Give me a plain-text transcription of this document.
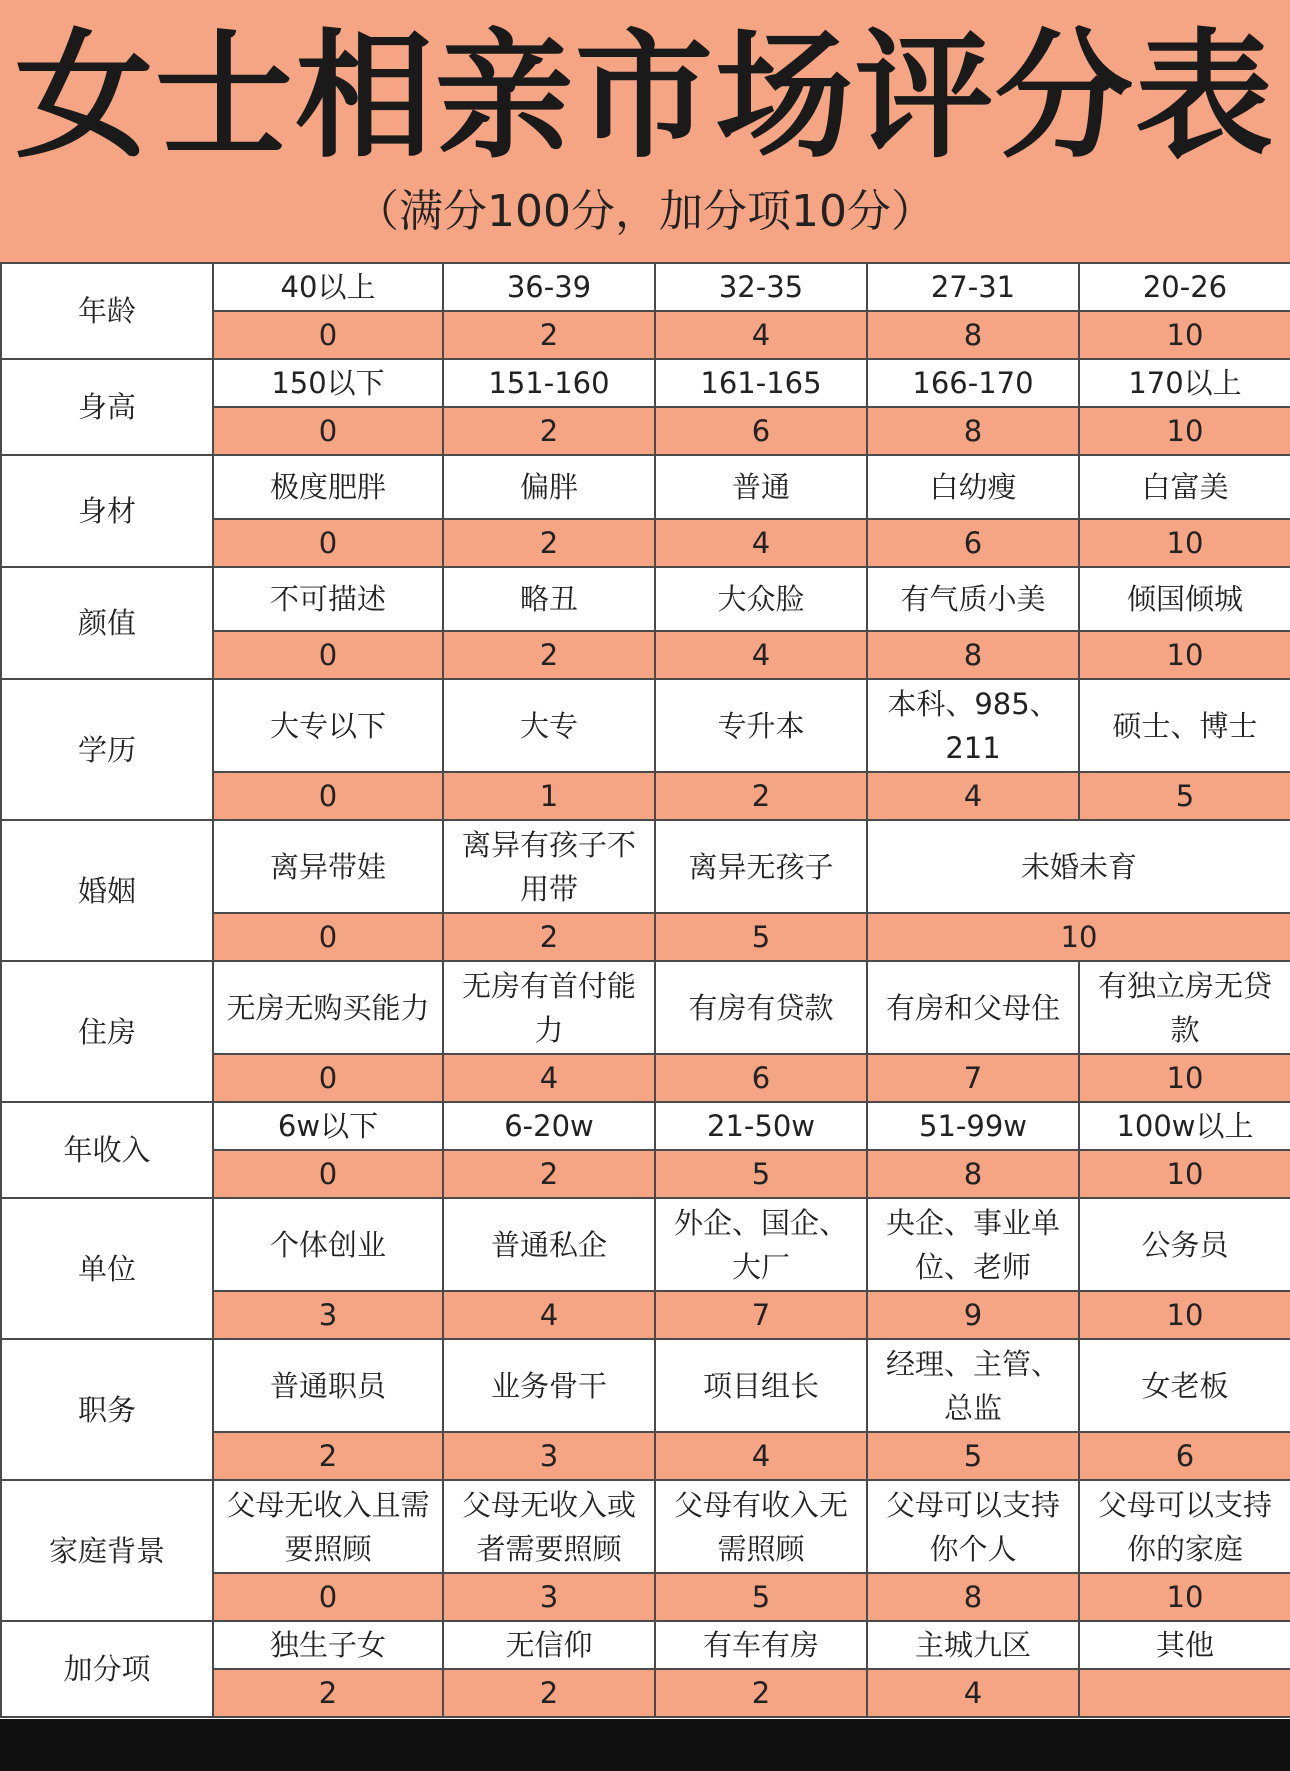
女士相亲市场评分表
（满分100分，加分项10分）
年龄	40以上	36-39	32-35	27-31	20-26
	0	2	4	8	10
身高	150以下	151-160	161-165	166-170	170以上
	0	2	6	8	10
身材	极度肥胖	偏胖	普通	白幼瘦	白富美
	0	2	4	6	10
颜值	不可描述	略丑	大众脸	有气质小美	倾国倾城
	0	2	4	8	10
学历	大专以下	大专	专升本	本科、985、211	硕士、博士
	0	1	2	4	5
婚姻	离异带娃	离异有孩子不用带	离异无孩子	未婚未育	
	0	2	5	10	
住房	无房无购买能力	无房有首付能力	有房有贷款	有房和父母住	有独立房无贷款
	0	4	6	7	10
年收入	6w以下	6-20w	21-50w	51-99w	100w以上
	0	2	5	8	10
单位	个体创业	普通私企	外企、国企、大厂	央企、事业单位、老师	公务员
	3	4	7	9	10
职务	普通职员	业务骨干	项目组长	经理、主管、总监	女老板
	2	3	4	5	6
家庭背景	父母无收入且需要照顾	父母无收入或者需要照顾	父母有收入无需照顾	父母可以支持你个人	父母可以支持你的家庭
	0	3	5	8	10
加分项	独生子女	无信仰	有车有房	主城九区	其他
	2	2	2	4	
